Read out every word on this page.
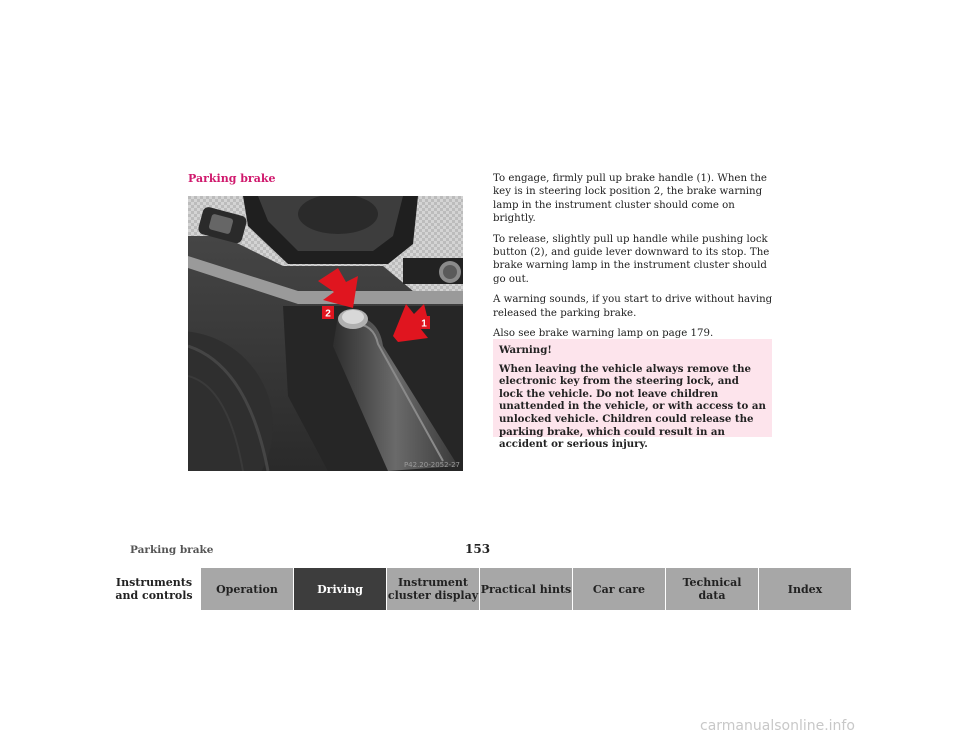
Parking brake
2
1
P42.20-2052-27

To engage, firmly pull up brake handle (1). When the key is in steering lock position 2, the brake warning lamp in the instrument cluster should come on brightly.

To release, slightly pull up handle while pushing lock button (2), and guide lever downward to its stop. The brake warning lamp in the instrument cluster should go out.

A warning sounds, if you start to drive without having released the parking brake.

Also see brake warning lamp on page 179.

Warning!
When leaving the vehicle always remove the electronic key from the steering lock, and lock the vehicle. Do not leave children unattended in the vehicle, or with access to an unlocked vehicle. Children could release the parking brake, which could result in an accident or serious injury.
Parking brake	153
Instruments
and controls	Operation	Driving	Instrument
cluster display Practical hints	Car care	Technical
data	Index
carmanualsonline.info
